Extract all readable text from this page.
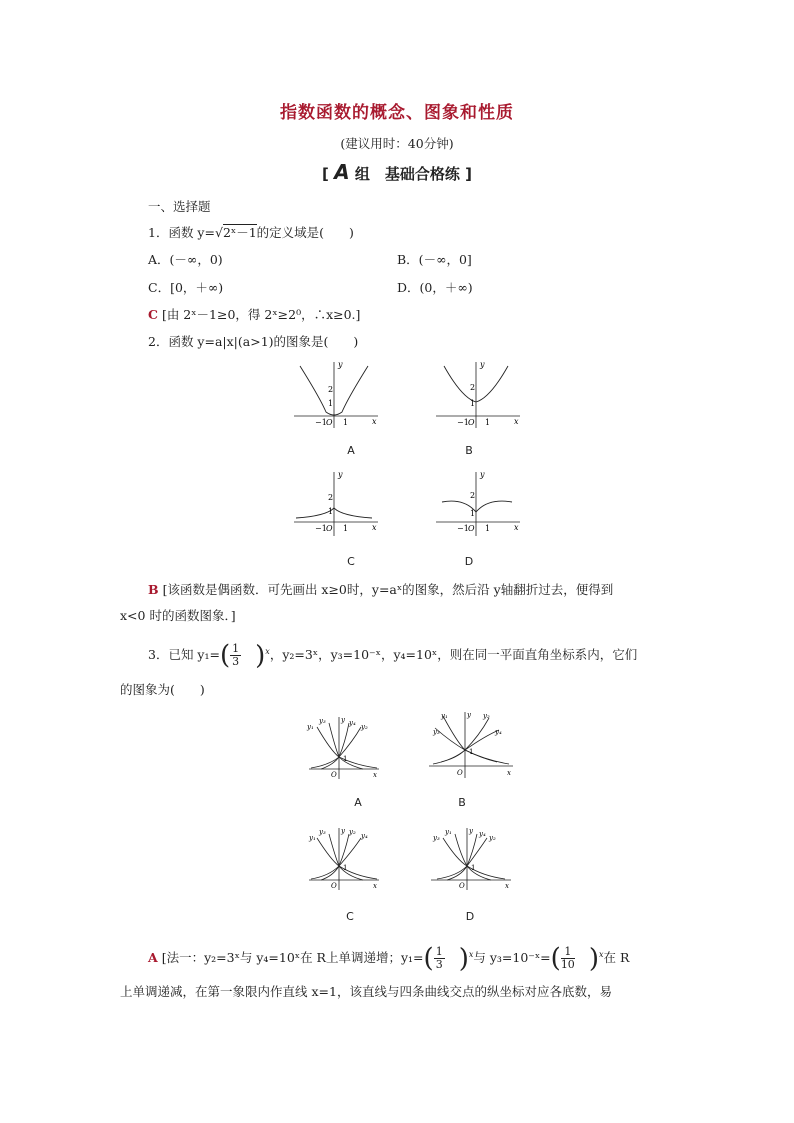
指数函数的概念、图象和性质
(建议用时：40分钟)
[ A 组　基础合格练 ]
一、选择题
1．函数 y=√2ˣ－1的定义域是(　　)
A．(－∞，0)	B．(－∞，0]
C．[0，＋∞)	D．(0，＋∞)
C [由 2ˣ－1≥0，得 2ˣ≥2⁰，∴x≥0.]
2．函数 y=a|x|(a>1)的图象是(　　)
y
x
2
1
−1 O 1
A
y
x
2
1
−1 O 1
B
y
x
2
1
−1 O 1
C
y
x
2
1
−1 O 1
D
B [该函数是偶函数．可先画出 x≥0时，y=aˣ的图象，然后沿 y轴翻折过去，便得到
x<0 时的函数图象．]
3．已知 $y_1=( \frac{1}{3} )^x$，y₂=3ˣ，y₃=10⁻ˣ，y₄=10ˣ，则在同一平面直角坐标系内，它们
的图象为(　　)
y₁
y₃ y y₄ y₂
1
O	x
A
y₁
y₃
y y₂
y₄
1
O	x
B
y₁
y₃ y y₂ y₄
1
O	x
C
y₃
y₁ y y₄ y₂
1
O	x
D
A [法一：y₂=3ˣ与 y₄=10ˣ在 R上单调递增；$y_1=( \frac{1}{3} )^x$与 y₃=10⁻ˣ=( $\frac{1}{10} )^x$在 R
上单调递减，在第一象限内作直线 x=1，该直线与四条曲线交点的纵坐标对应各底数，易
